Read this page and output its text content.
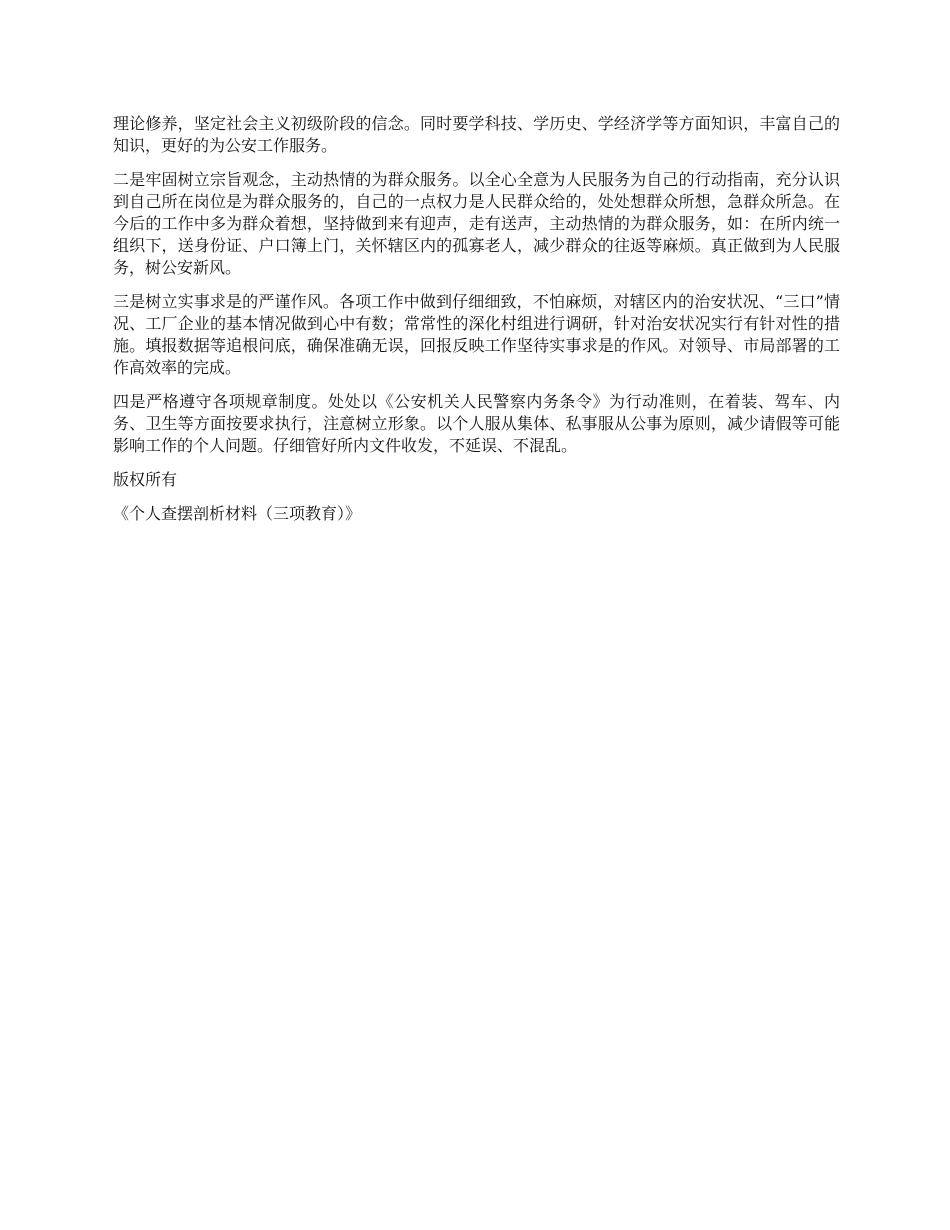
理论修养，坚定社会主义初级阶段的信念。同时要学科技、学历史、学经济学等方面知识，丰富自己的知识，更好的为公安工作服务。

二是牢固树立宗旨观念，主动热情的为群众服务。以全心全意为人民服务为自己的行动指南，充分认识到自己所在岗位是为群众服务的，自己的一点权力是人民群众给的，处处想群众所想，急群众所急。在今后的工作中多为群众着想，坚持做到来有迎声，走有送声，主动热情的为群众服务，如：在所内统一组织下，送身份证、户口簿上门，关怀辖区内的孤寡老人，减少群众的往返等麻烦。真正做到为人民服务，树公安新风。

三是树立实事求是的严谨作风。各项工作中做到仔细细致，不怕麻烦，对辖区内的治安状况、“三口”情况、工厂企业的基本情况做到心中有数；常常性的深化村组进行调研，针对治安状况实行有针对性的措施。填报数据等追根问底，确保准确无误，回报反映工作坚待实事求是的作风。对领导、市局部署的工作高效率的完成。

四是严格遵守各项规章制度。处处以《公安机关人民警察内务条令》为行动准则，在着装、驾车、内务、卫生等方面按要求执行，注意树立形象。以个人服从集体、私事服从公事为原则，减少请假等可能影响工作的个人问题。仔细管好所内文件收发，不延误、不混乱。

版权所有

《个人查摆剖析材料（三项教育）》
